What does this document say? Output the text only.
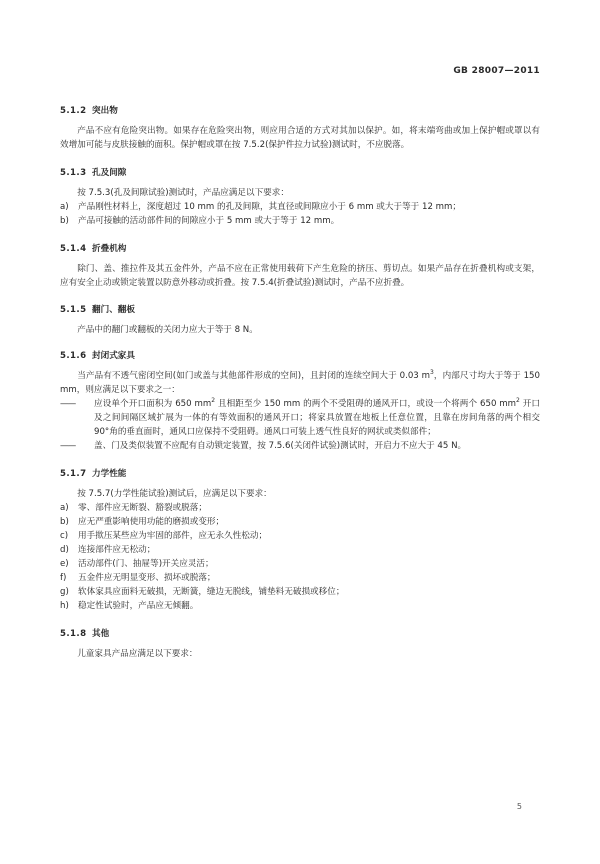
GB 28007—2011
5.1.2 突出物
产品不应有危险突出物。如果存在危险突出物，则应用合适的方式对其加以保护。如，将末端弯曲或加上保护帽或罩以有效增加可能与皮肤接触的面积。保护帽或罩在按 7.5.2(保护件拉力试验)测试时，不应脱落。
5.1.3 孔及间隙
按 7.5.3(孔及间隙试验)测试时，产品应满足以下要求：
a)	产品刚性材料上，深度超过 10 mm 的孔及间隙，其直径或间隙应小于 6 mm 或大于等于 12 mm；
b)	产品可接触的活动部件间的间隙应小于 5 mm 或大于等于 12 mm。
5.1.4 折叠机构
除门、盖、推拉件及其五金件外，产品不应在正常使用载荷下产生危险的挤压、剪切点。如果产品存在折叠机构或支架，应有安全止动或锁定装置以防意外移动或折叠。按 7.5.4(折叠试验)测试时，产品不应折叠。
5.1.5 翻门、翻板
产品中的翻门或翻板的关闭力应大于等于 8 N。
5.1.6 封闭式家具
当产品有不透气密闭空间(如门或盖与其他部件形成的空间)，且封闭的连续空间大于 0.03 $m^3$，内部尺寸均大于等于 150 mm，则应满足以下要求之一：
——	应设单个开口面积为 650 $mm^2$ 且相距至少 150 mm 的两个不受阻碍的通风开口，或设一个将两个 650 $mm^2$ 开口及之间间隔区域扩展为一体的有等效面积的通风开口；将家具放置在地板上任意位置，且靠在房间角落的两个相交 90°角的垂直面时，通风口应保持不受阻碍。通风口可装上透气性良好的网状或类似部件；
——	盖、门及类似装置不应配有自动锁定装置，按 7.5.6(关闭件试验)测试时，开启力不应大于 45 N。
5.1.7 力学性能
按 7.5.7(力学性能试验)测试后，应满足以下要求：
a)	零、部件应无断裂、豁裂或脱落；
b)	应无严重影响使用功能的磨损或变形；
c)	用手揿压某些应为牢固的部件，应无永久性松动；
d)	连接部件应无松动；
e)	活动部件(门、抽屉等)开关应灵活；
f)	五金件应无明显变形、损坏或脱落；
g)	软体家具应面料无破损，无断簧，缝边无脱线，铺垫料无破损或移位；
h)	稳定性试验时，产品应无倾翻。
5.1.8 其他
儿童家具产品应满足以下要求：
5
